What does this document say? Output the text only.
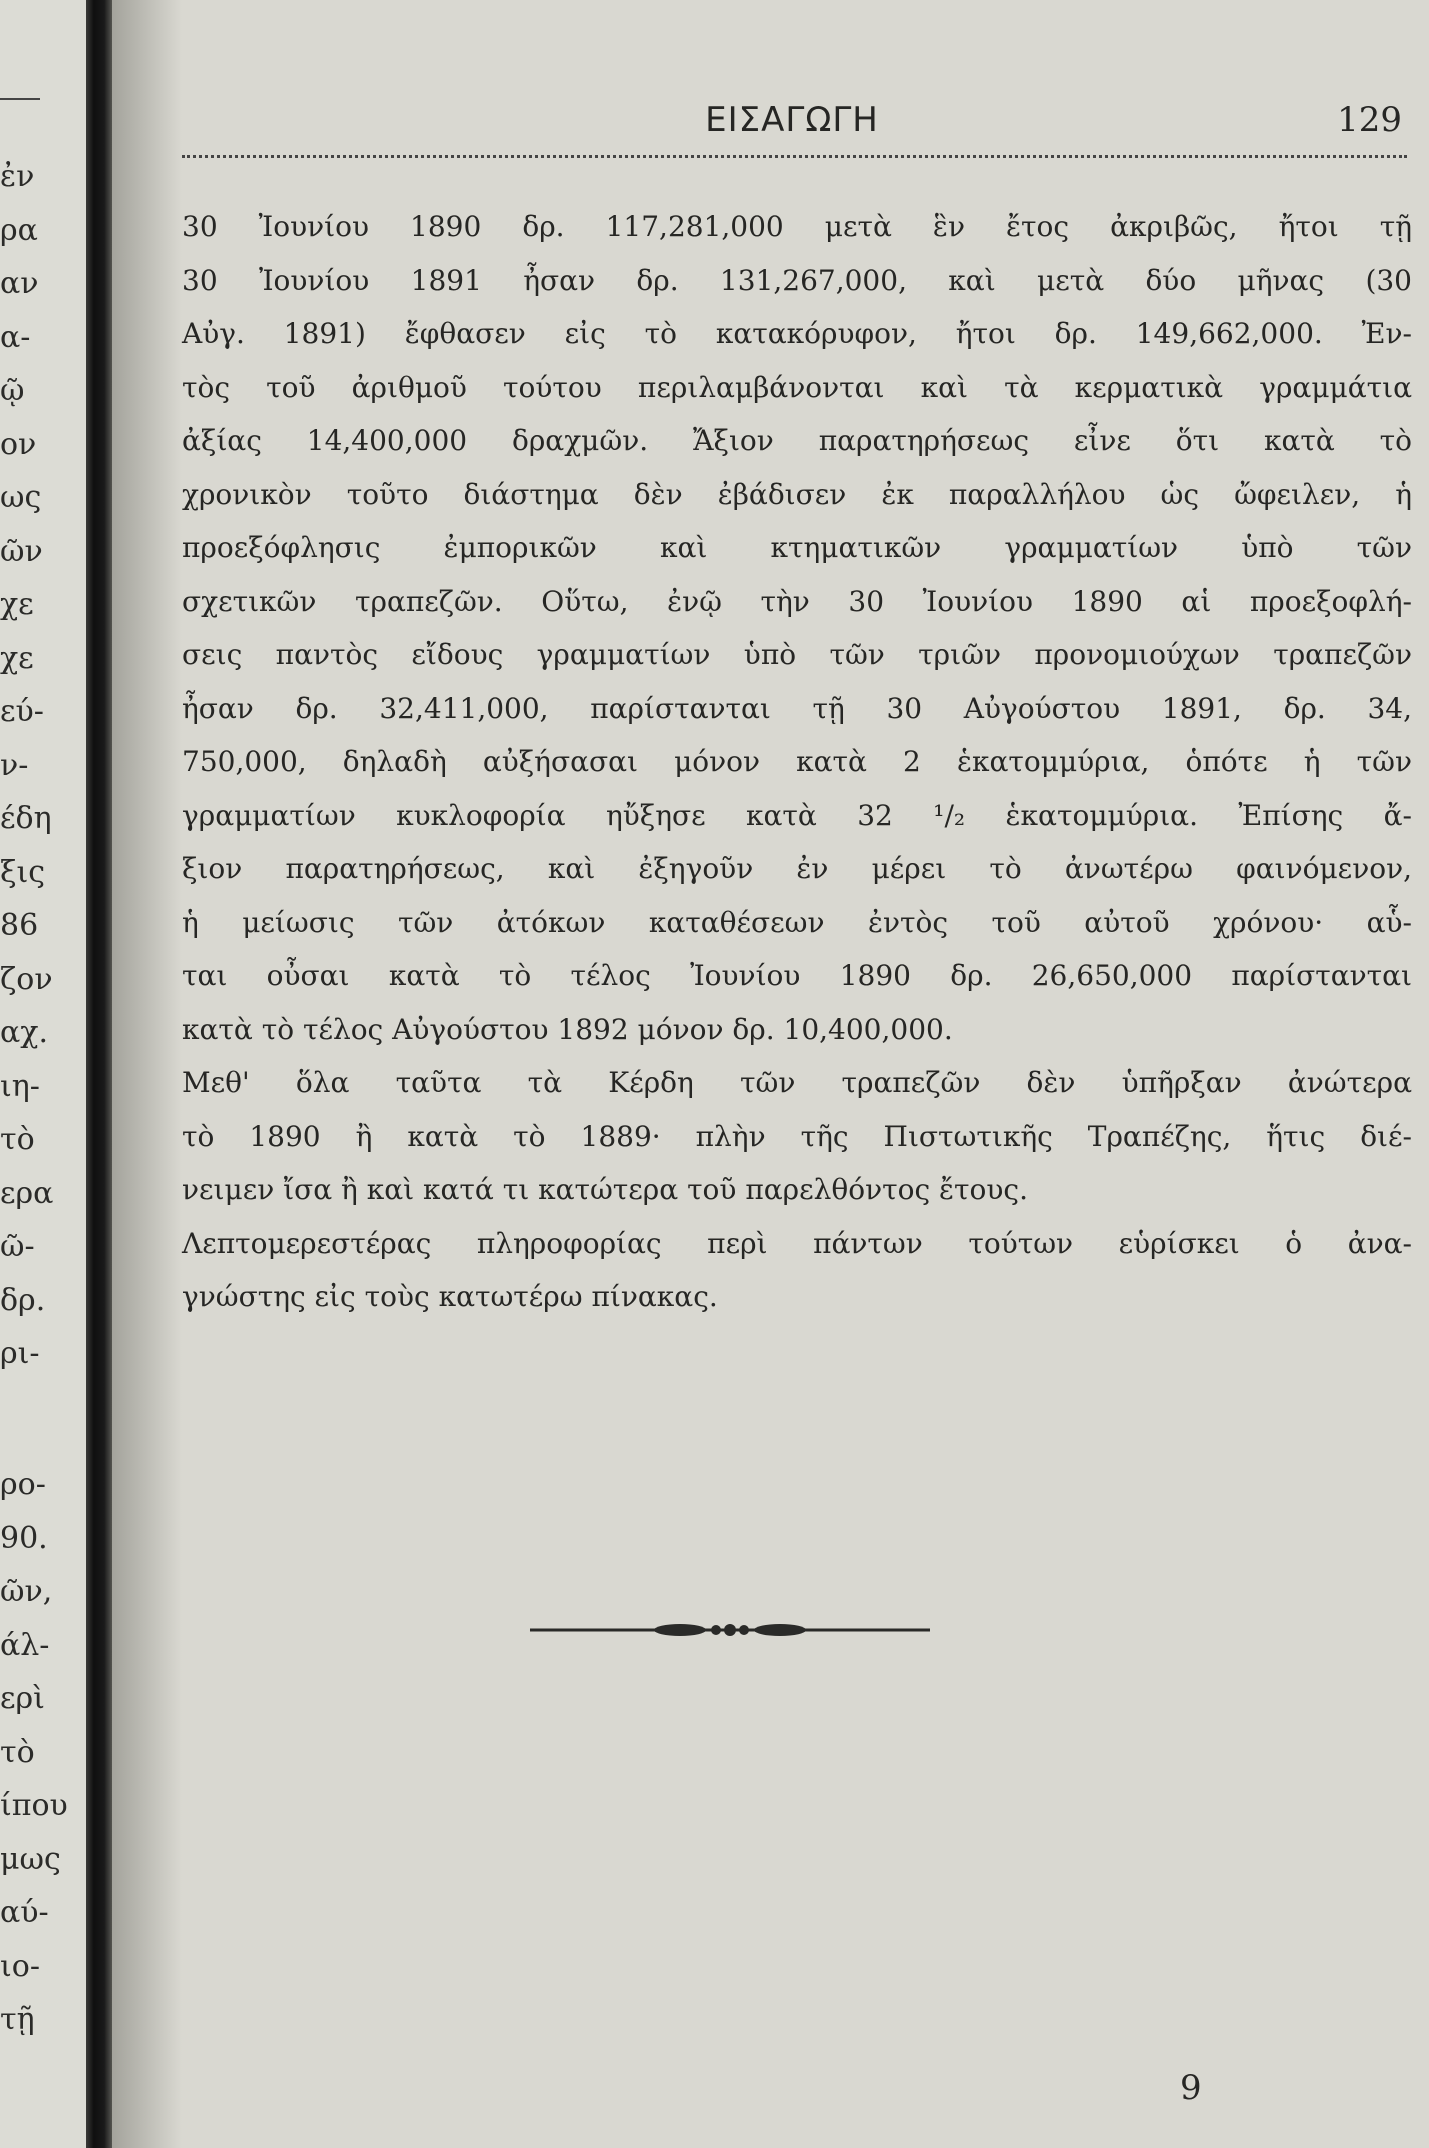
ἐν
ρα
αν
α-
ῷ
ον
ως
ῶν
χε
χε
εύ-
ν-
έδη
ξις
86
ζον
αχ.
ιη-
τὸ
ερα
ῶ-
δρ.
ρι-
ρο-
90.
ῶν,
άλ-
ερὶ
τὸ
ίπου
μως
αύ-
ιο-
τῇ
ΕΙΣΑΓΩΓΗ	129
30 Ἰουνίου 1890 δρ. 117,281,000 μετὰ ἓν ἔτος ἀκριβῶς, ἤτοι τῇ
30 Ἰουνίου 1891 ἦσαν δρ. 131,267,000, καὶ μετὰ δύο μῆνας (30
Αὐγ. 1891) ἔφθασεν εἰς τὸ κατακόρυφον, ἤτοι δρ. 149,662,000. Ἐν-
τὸς τοῦ ἀριθμοῦ τούτου περιλαμβάνονται καὶ τὰ κερματικὰ γραμμάτια
ἀξίας 14,400,000 δραχμῶν. Ἄξιον παρατηρήσεως εἶνε ὅτι κατὰ τὸ
χρονικὸν τοῦτο διάστημα δὲν ἐβάδισεν ἐκ παραλλήλου ὡς ὤφειλεν, ἡ
προεξόφλησις ἐμπορικῶν καὶ κτηματικῶν γραμματίων ὑπὸ τῶν
σχετικῶν τραπεζῶν. Οὕτω, ἐνῷ τὴν 30 Ἰουνίου 1890 αἱ προεξοφλή-
σεις παντὸς εἴδους γραμματίων ὑπὸ τῶν τριῶν προνομιούχων τραπεζῶν
ἦσαν δρ. 32,411,000, παρίστανται τῇ 30 Αὐγούστου 1891, δρ. 34,
750,000, δηλαδὴ αὐξήσασαι μόνον κατὰ 2 ἑκατομμύρια, ὁπότε ἡ τῶν
γραμματίων κυκλοφορία ηὔξησε κατὰ 32 ¹/₂ ἑκατομμύρια. Ἐπίσης ἄ-
ξιον παρατηρήσεως, καὶ ἐξηγοῦν ἐν μέρει τὸ ἀνωτέρω φαινόμενον,
ἡ μείωσις τῶν ἀτόκων καταθέσεων ἐντὸς τοῦ αὐτοῦ χρόνου· αὗ-
ται οὖσαι κατὰ τὸ τέλος Ἰουνίου 1890 δρ. 26,650,000 παρίστανται
κατὰ τὸ τέλος Αὐγούστου 1892 μόνον δρ. 10,400,000.
Μεθ' ὅλα ταῦτα τὰ Κέρδη τῶν τραπεζῶν δὲν ὑπῆρξαν ἀνώτερα
τὸ 1890 ἢ κατὰ τὸ 1889· πλὴν τῆς Πιστωτικῆς Τραπέζης, ἥτις διέ-
νειμεν ἴσα ἢ καὶ κατά τι κατώτερα τοῦ παρελθόντος ἔτους.
Λεπτομερεστέρας πληροφορίας περὶ πάντων τούτων εὑρίσκει ὁ ἀνα-
γνώστης εἰς τοὺς κατωτέρω πίνακας.
9
